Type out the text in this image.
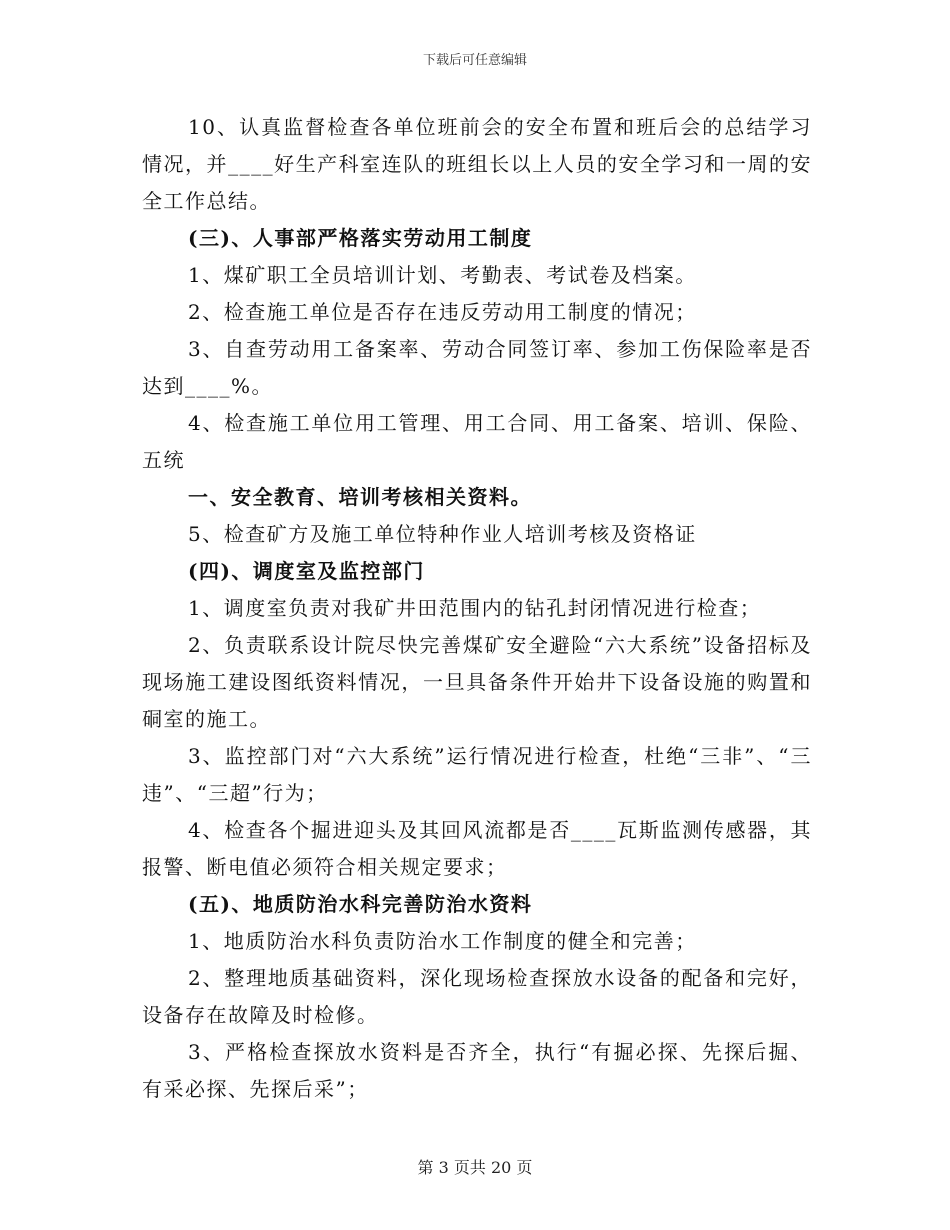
下载后可任意编辑

10、认真监督检查各单位班前会的安全布置和班后会的总结学习情况，并____好生产科室连队的班组长以上人员的安全学习和一周的安全工作总结。

(三)、人事部严格落实劳动用工制度

1、煤矿职工全员培训计划、考勤表、考试卷及档案。

2、检查施工单位是否存在违反劳动用工制度的情况；

3、自查劳动用工备案率、劳动合同签订率、参加工伤保险率是否达到____%。

4、检查施工单位用工管理、用工合同、用工备案、培训、保险、五统

一、安全教育、培训考核相关资料。

5、检查矿方及施工单位特种作业人培训考核及资格证

(四)、调度室及监控部门

1、调度室负责对我矿井田范围内的钻孔封闭情况进行检查；

2、负责联系设计院尽快完善煤矿安全避险“六大系统”设备招标及现场施工建设图纸资料情况，一旦具备条件开始井下设备设施的购置和硐室的施工。

3、监控部门对“六大系统”运行情况进行检查，杜绝“三非”、“三违”、“三超”行为；

4、检查各个掘进迎头及其回风流都是否____瓦斯监测传感器，其报警、断电值必须符合相关规定要求；

(五)、地质防治水科完善防治水资料

1、地质防治水科负责防治水工作制度的健全和完善；

2、整理地质基础资料，深化现场检查探放水设备的配备和完好，设备存在故障及时检修。

3、严格检查探放水资料是否齐全，执行“有掘必探、先探后掘、有采必探、先探后采”；

第 3 页共 20 页
